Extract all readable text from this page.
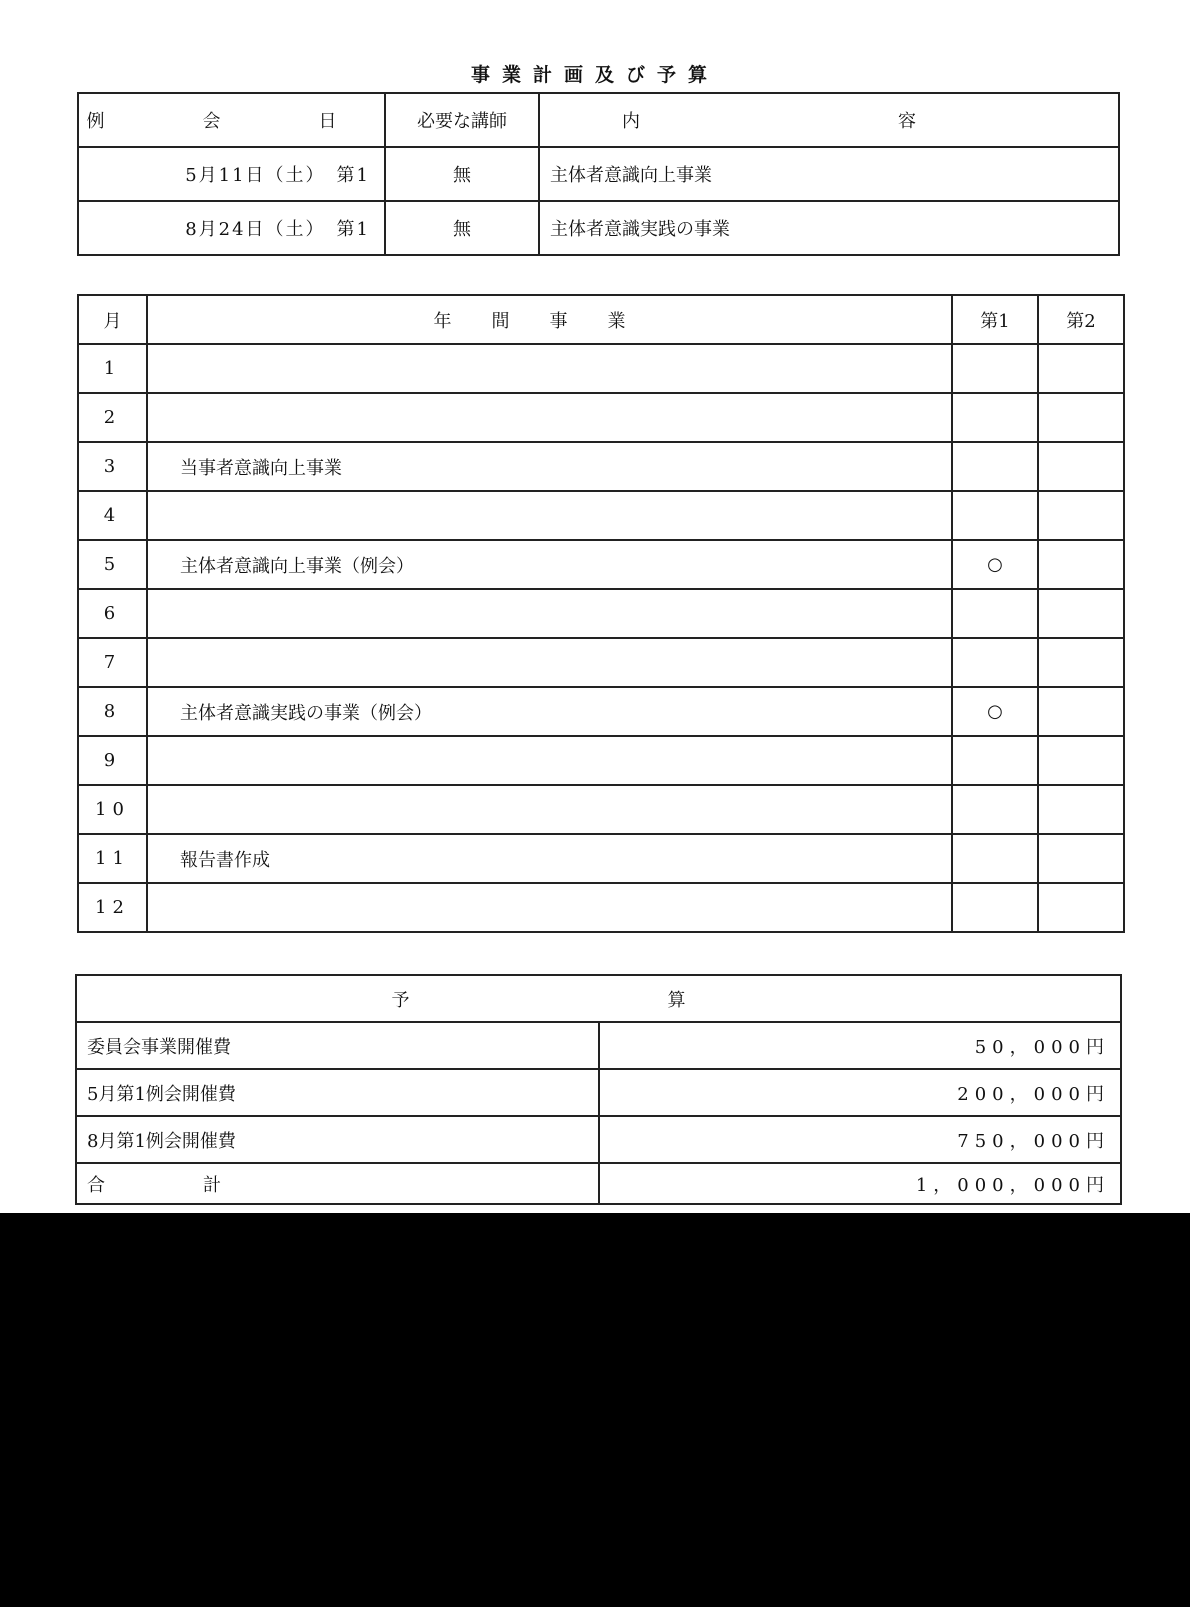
事業計画及び予算
例　会　日	必要な講師	内　容
5月11日（土）　第1	無	主体者意識向上事業
8月24日（土）　第1	無	主体者意識実践の事業
月	年間事業	第1	第2
1			
2			
3	当事者意識向上事業		
4			
5	主体者意識向上事業（例会）	○	
6			
7			
8	主体者意識実践の事業（例会）	○	
9			
10			
11	報告書作成		
12			
予　算	
委員会事業開催費	50，000円
5月第1例会開催費	200，000円
8月第1例会開催費	750，000円
合　計	1，000，000円
